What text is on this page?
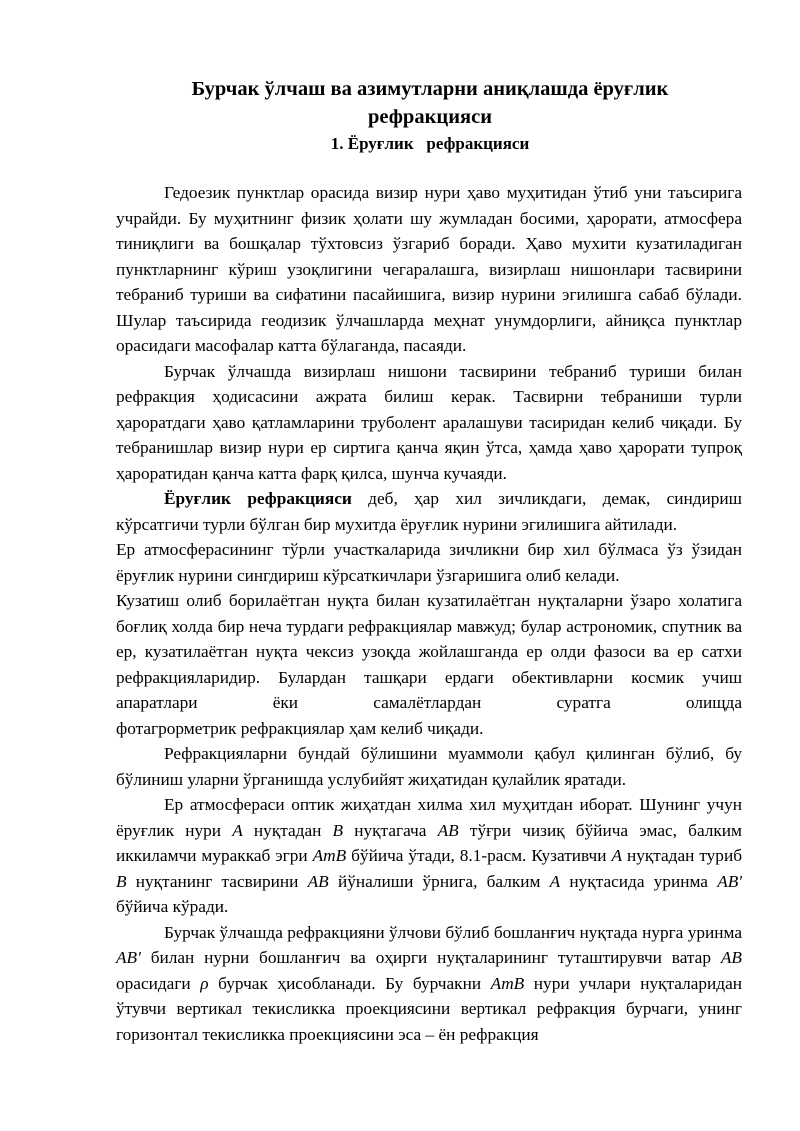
Бурчак ўлчаш ва азимутларни аниқлашда ёруғлик
рефракцияси
1. Ёруғлик   рефракцияси

Гедоезик пунктлар орасида визир нури ҳаво муҳитидан ўтиб уни таъсирига учрайди. Бу муҳитнинг физик ҳолати шу жумладан босими, ҳарорати, атмосфера тиниқлиги ва бошқалар тўхтовсиз ўзгариб боради. Ҳаво мухити кузатиладиган пунктларнинг кўриш узоқлигини чегаралашга, визирлаш нишонлари тасвирини тебраниб туриши ва сифатини пасайишига, визир нурини эгилишга сабаб бўлади. Шулар таъсирида геодизик ўлчашларда меҳнат унумдорлиги, айниқса пунктлар орасидаги масофалар катта бўлаганда, пасаяди.

Бурчак ўлчашда визирлаш нишони тасвирини тебраниб туриши билан рефракция ҳодисасини ажрата билиш керак. Тасвирни тебраниши турли ҳароратдаги ҳаво қатламларини труболент аралашуви тасиридан келиб чиқади. Бу тебранишлар визир нури ер сиртига қанча яқин ўтса, ҳамда ҳаво ҳарорати тупроқ ҳароратидан қанча катта фарқ қилса, шунча кучаяди.

Ёруғлик рефракцияси деб, ҳар хил зичликдаги, демак, синдириш кўрсатгичи турли бўлган бир мухитда ёруғлик нурини эгилишига айтилади.

Ер атмосферасининг тўрли участкаларида зичликни бир хил бўлмаса ўз ўзидан ёруғлик нурини сингдириш кўрсаткичлари ўзгаришига олиб келади.

Кузатиш олиб борилаётган нуқта билан кузатилаётган нуқталарни ўзаро холатига боғлиқ холда бир неча турдаги рефракциялар мавжуд; булар астрономик, спутник ва ер, кузатилаётган нуқта чексиз узоқда жойлашганда ер олди фазоси ва ер сатхи рефракцияларидир. Булардан ташқари ердаги обективларни космик учиш апаратлари ёки самалётлардан суратга олищда
фотагрорметрик рефракциялар ҳам келиб чиқади.

Рефракцияларни бундай бўлишини муаммоли қабул қилинган бўлиб, бу бўлиниш уларни ўрганишда услубийят жиҳатидан қулайлик яратади.

Ер атмосфераси оптик жиҳатдан хилма хил муҳитдан иборат. Шунинг учун ёруғлик нури А нуқтадан В нуқтагача АВ тўғри чизиқ бўйича эмас, балким иккиламчи мураккаб эгри АmВ бўйича ўтади, 8.1-расм. Кузативчи А нуқтадан туриб В нуқтанинг тасвирини АВ йўналиши ўрнига, балким А нуқтасида уринма АВ' бўйича кўради.

Бурчак ўлчашда рефракцияни ўлчови бўлиб бошланғич нуқтада нурга уринма АВ' билан нурни бошланғич ва оҳирги нуқталарининг туташтирувчи ватар АВ орасидаги ρ бурчак ҳисобланади. Бу бурчакни АmВ нури учлари нуқталаридан ўтувчи вертикал текисликка проекциясини вертикал рефракция бурчаги, унинг горизонтал текисликка проекциясини эса – ён рефракция
